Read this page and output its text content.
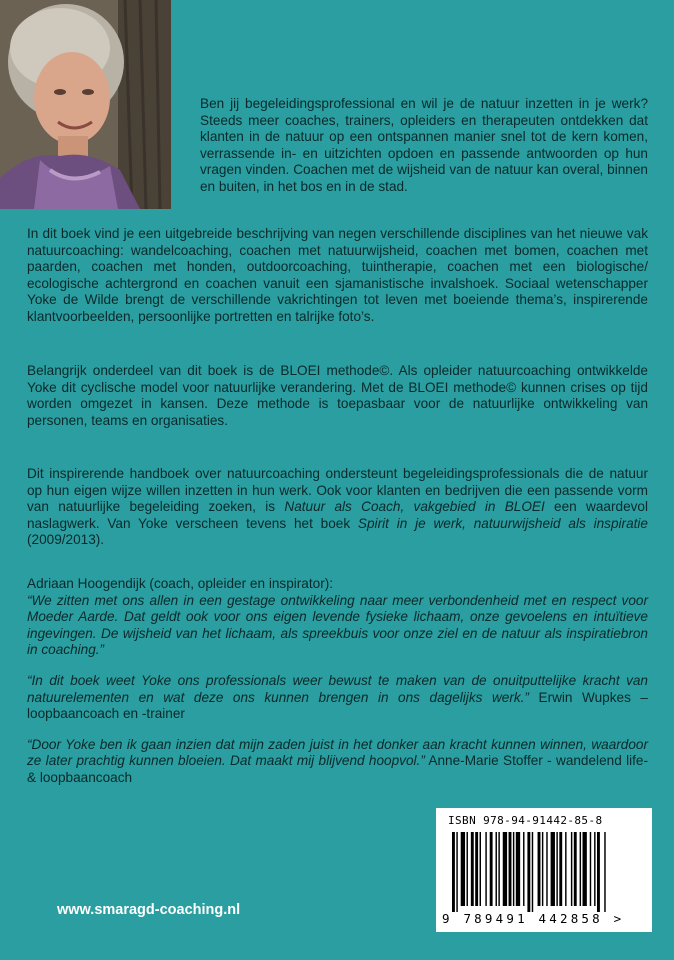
Ben jij begeleidingsprofessional en wil je de natuur inzetten in je werk? Steeds meer coaches, trainers, opleiders en therapeuten ontdekken dat klanten in de natuur op een ontspannen manier snel tot de kern komen, verrassende in- en uitzichten opdoen en passende antwoorden op hun vragen vinden. Coachen met de wijsheid van de natuur kan overal, binnen en buiten, in het bos en in de stad.

In dit boek vind je een uitgebreide beschrijving van negen verschillende disciplines van het nieuwe vak natuurcoaching: wandelcoaching, coachen met natuurwijsheid, coachen met bomen, coachen met paarden, coachen met honden, outdoorcoaching, tuintherapie, coachen met een biologische/ ecologische achtergrond en coachen vanuit een sjamanistische invalshoek. Sociaal wetenschapper Yoke de Wilde brengt de verschillende vakrichtingen tot leven met boeiende thema’s, inspirerende klantvoorbeelden, persoonlijke portretten en talrijke foto’s.

Belangrijk onderdeel van dit boek is de BLOEI methode©. Als opleider natuurcoaching ontwikkelde Yoke dit cyclische model voor natuurlijke verandering. Met de BLOEI methode© kunnen crises op tijd worden omgezet in kansen. Deze methode is toepasbaar voor de natuurlijke ontwikkeling van personen, teams en organisaties.

Dit inspirerende handboek over natuurcoaching ondersteunt begeleidingsprofessionals die de natuur op hun eigen wijze willen inzetten in hun werk. Ook voor klanten en bedrijven die een passende vorm van natuurlijke begeleiding zoeken, is Natuur als Coach, vakgebied in BLOEI een waardevol naslagwerk. Van Yoke verscheen tevens het boek Spirit in je werk, natuurwijsheid als inspiratie (2009/2013).

Adriaan Hoogendijk (coach, opleider en inspirator):
“We zitten met ons allen in een gestage ontwikkeling naar meer verbondenheid met en respect voor Moeder Aarde. Dat geldt ook voor ons eigen levende fysieke lichaam, onze gevoelens en intuïtieve ingevingen. De wijsheid van het lichaam, als spreekbuis voor onze ziel en de natuur als inspiratiebron in coaching.”

“In dit boek weet Yoke ons professionals weer bewust te maken van de onuitputtelijke kracht van natuurelementen en wat deze ons kunnen brengen in ons dagelijks werk.” Erwin Wupkes – loopbaancoach en -trainer

“Door Yoke ben ik gaan inzien dat mijn zaden juist in het donker aan kracht kunnen winnen, waardoor ze later prachtig kunnen bloeien. Dat maakt mij blijvend hoopvol.” Anne-Marie Stoffer - wandelend life- & loopbaancoach

ISBN 978-94-91442-85-8
9 789491 442858 >
www.smaragd-coaching.nl
